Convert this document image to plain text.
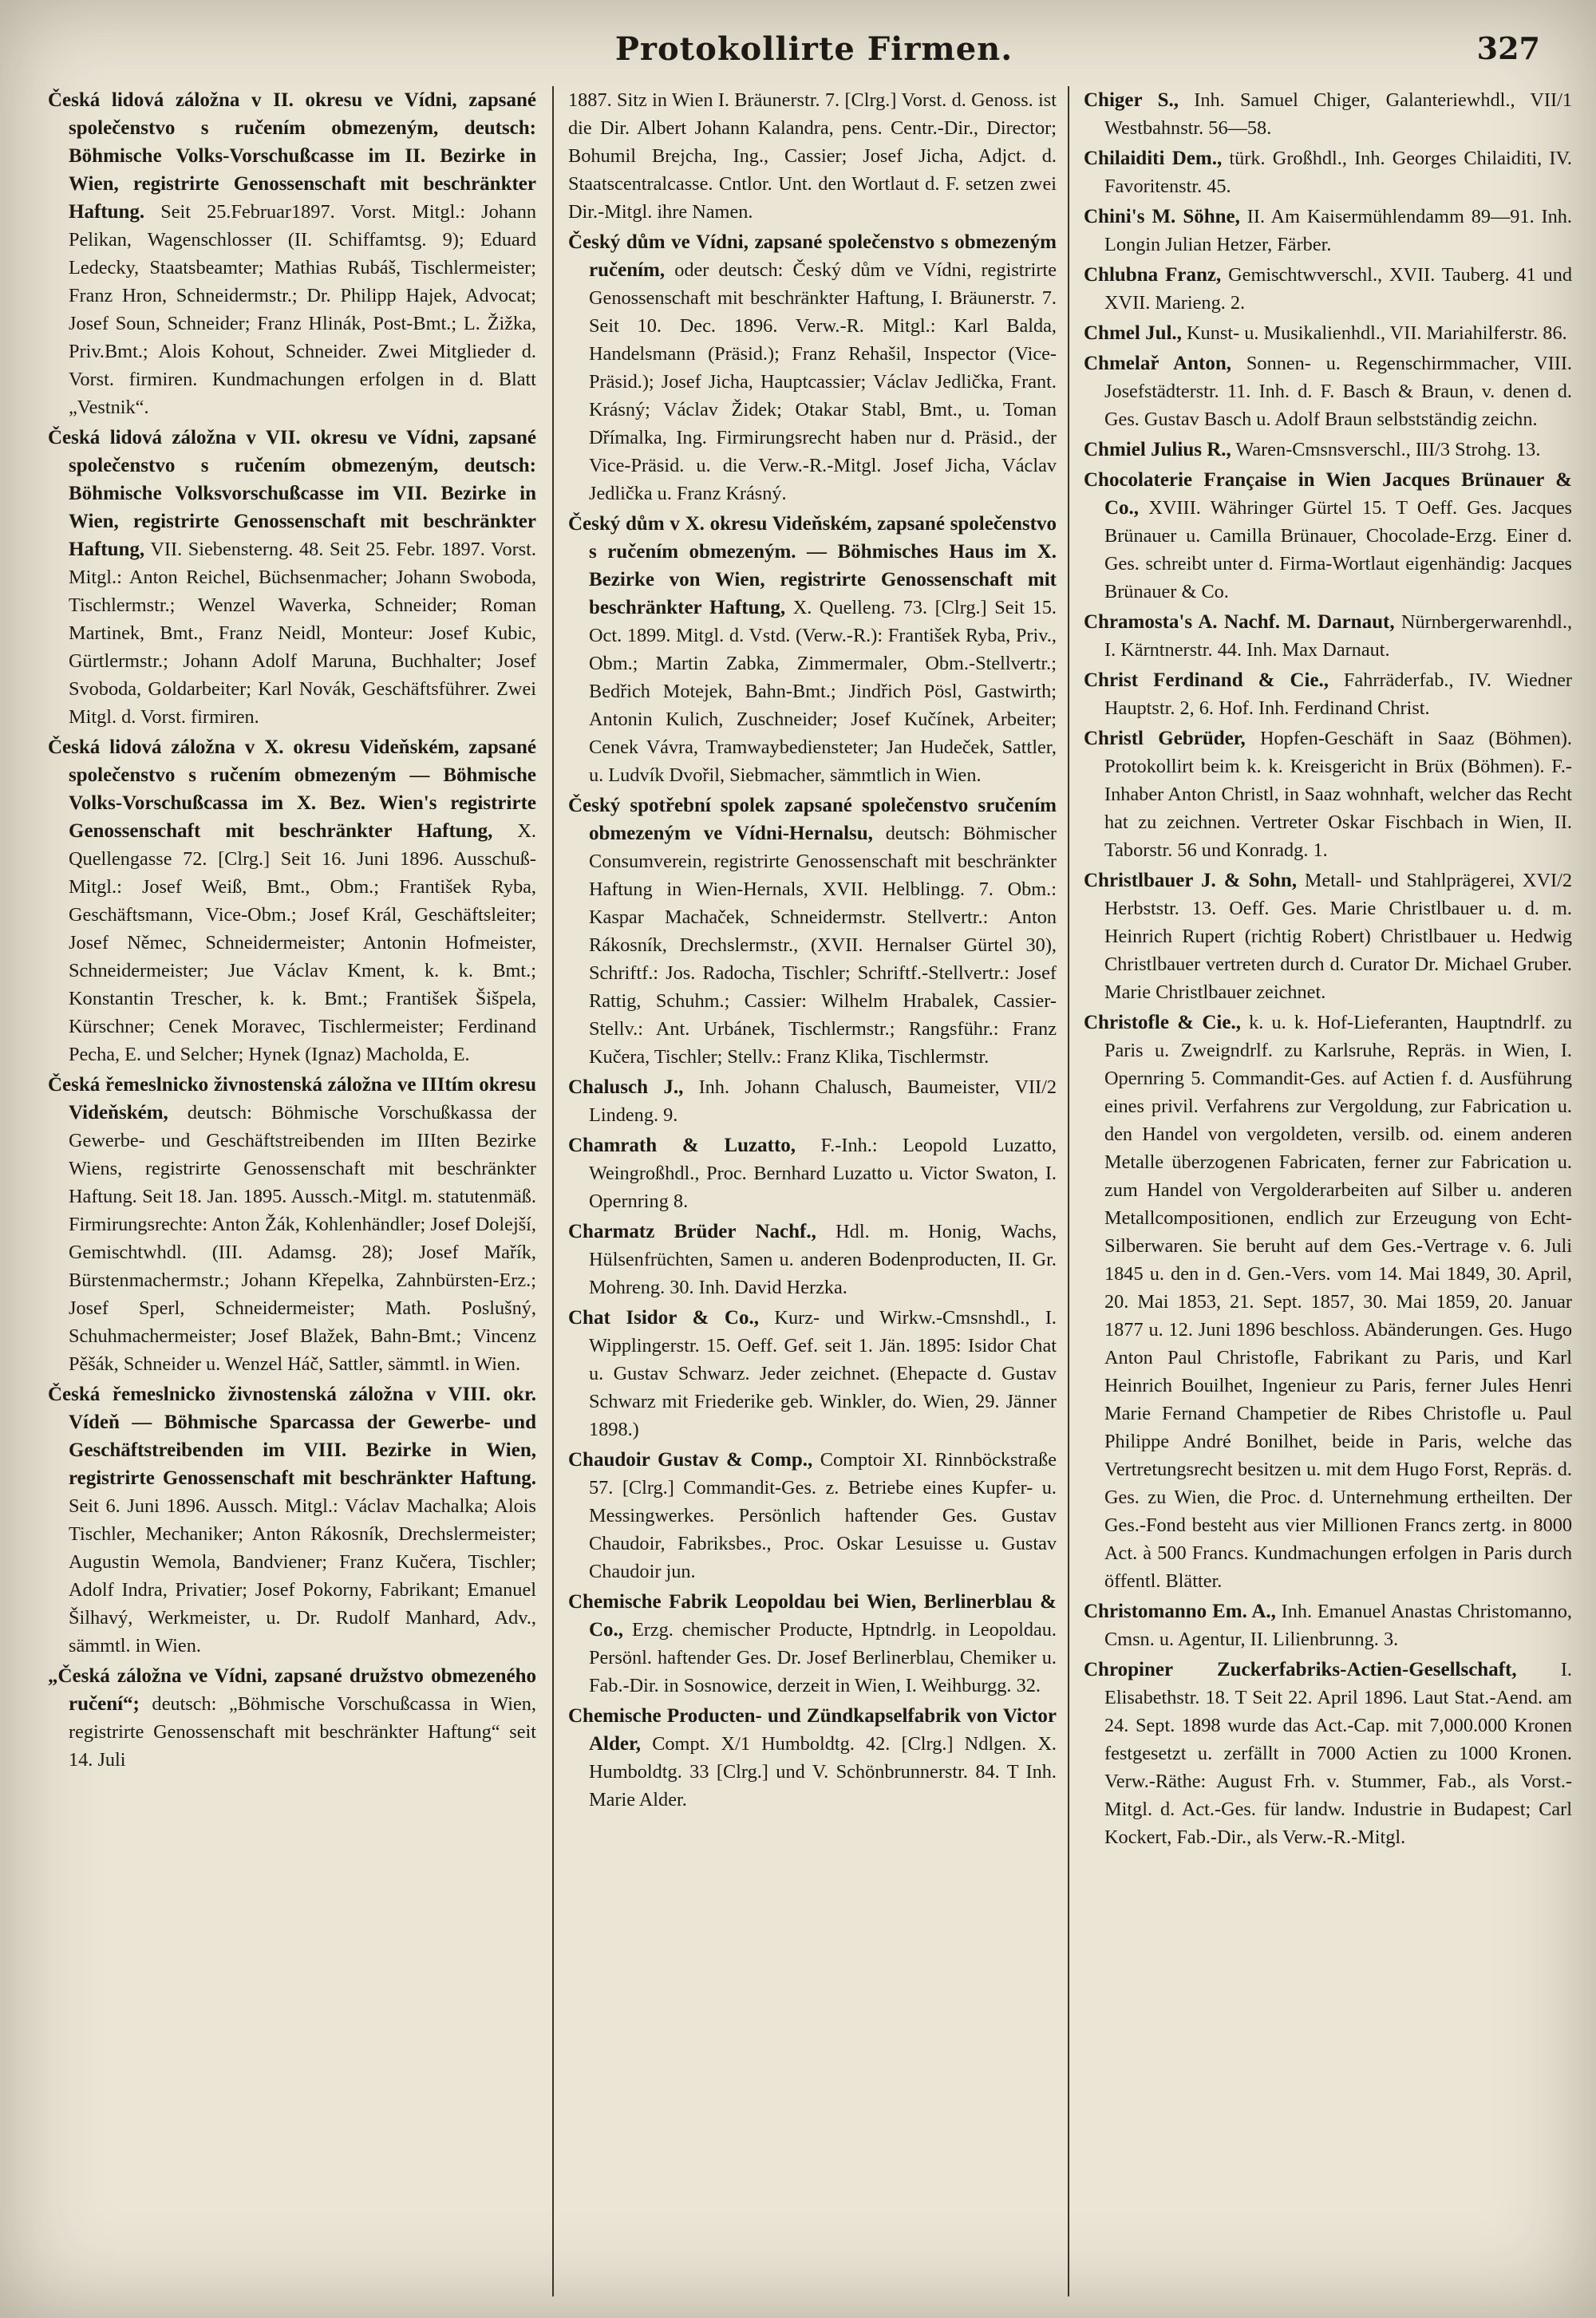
Protokollirte Firmen.	327

Česká lidová záložna v II. okresu ve Vídni, zapsané společenstvo s ručením obmezeným, deutsch: Böhmische Volks-Vorschußcasse im II. Bezirke in Wien, registrirte Genossenschaft mit beschränkter Haftung. Seit 25.Februar1897. Vorst. Mitgl.: Johann Pelikan, Wagenschlosser (II. Schiffamtsg. 9); Eduard Ledecky, Staatsbeamter; Mathias Rubáš, Tischlermeister; Franz Hron, Schneidermstr.; Dr. Philipp Hajek, Advocat; Josef Soun, Schneider; Franz Hlinák, Post-Bmt.; L. Žižka, Priv.Bmt.; Alois Kohout, Schneider. Zwei Mitglieder d. Vorst. firmiren. Kundmachungen erfolgen in d. Blatt „Vestnik“.

Česká lidová záložna v VII. okresu ve Vídni, zapsané společenstvo s ručením obmezeným, deutsch: Böhmische Volksvorschußcasse im VII. Bezirke in Wien, registrirte Genossenschaft mit beschränkter Haftung, VII. Siebensterng. 48. Seit 25. Febr. 1897. Vorst. Mitgl.: Anton Reichel, Büchsenmacher; Johann Swoboda, Tischlermstr.; Wenzel Waverka, Schneider; Roman Martinek, Bmt., Franz Neidl, Monteur: Josef Kubic, Gürtlermstr.; Johann Adolf Maruna, Buchhalter; Josef Svoboda, Goldarbeiter; Karl Novák, Geschäftsführer. Zwei Mitgl. d. Vorst. firmiren.

Česká lidová záložna v X. okresu Videňském, zapsané společenstvo s ručením obmezeným — Böhmische Volks-Vorschußcassa im X. Bez. Wien's registrirte Genossenschaft mit beschränkter Haftung, X. Quellengasse 72. [Clrg.] Seit 16. Juni 1896. Ausschuß-Mitgl.: Josef Weiß, Bmt., Obm.; František Ryba, Geschäftsmann, Vice-Obm.; Josef Král, Geschäftsleiter; Josef Němec, Schneidermeister; Antonin Hofmeister, Schneidermeister; Jue Václav Kment, k. k. Bmt.; Konstantin Trescher, k. k. Bmt.; František Šišpela, Kürschner; Cenek Moravec, Tischlermeister; Ferdinand Pecha, E. und Selcher; Hynek (Ignaz) Macholda, E.

Česká řemeslnicko živnostenská záložna ve IIItím okresu Videňském, deutsch: Böhmische Vorschußkassa der Gewerbe- und Geschäftstreibenden im IIIten Bezirke Wiens, registrirte Genossenschaft mit beschränkter Haftung. Seit 18. Jan. 1895. Aussch.-Mitgl. m. statutenmäß. Firmirungsrechte: Anton Žák, Kohlenhändler; Josef Dolejší, Gemischtwhdl. (III. Adamsg. 28); Josef Mařík, Bürstenmachermstr.; Johann Křepelka, Zahnbürsten-Erz.; Josef Sperl, Schneidermeister; Math. Poslušný, Schuhmachermeister; Josef Blažek, Bahn-Bmt.; Vincenz Pěšák, Schneider u. Wenzel Háč, Sattler, sämmtl. in Wien.

Česká řemeslnicko živnostenská záložna v VIII. okr. Vídeň — Böhmische Sparcassa der Gewerbe- und Geschäftstreibenden im VIII. Bezirke in Wien, registrirte Genossenschaft mit beschränkter Haftung. Seit 6. Juni 1896. Aussch. Mitgl.: Václav Machalka; Alois Tischler, Mechaniker; Anton Rákosník, Drechslermeister; Augustin Wemola, Bandviener; Franz Kučera, Tischler; Adolf Indra, Privatier; Josef Pokorny, Fabrikant; Emanuel Šilhavý, Werkmeister, u. Dr. Rudolf Manhard, Adv., sämmtl. in Wien.

„Česká záložna ve Vídni, zapsané družstvo obmezeného ručení“; deutsch: „Böhmische Vorschußcassa in Wien, registrirte Genossenschaft mit beschränkter Haftung“ seit 14. Juli

1887. Sitz in Wien I. Bräunerstr. 7. [Clrg.] Vorst. d. Genoss. ist die Dir. Albert Johann Kalandra, pens. Centr.-Dir., Director; Bohumil Brejcha, Ing., Cassier; Josef Jicha, Adjct. d. Staatscentralcasse. Cntlor. Unt. den Wortlaut d. F. setzen zwei Dir.-Mitgl. ihre Namen.

Český dům ve Vídni, zapsané společenstvo s obmezeným ručením, oder deutsch: Český dům ve Vídni, registrirte Genossenschaft mit beschränkter Haftung, I. Bräunerstr. 7. Seit 10. Dec. 1896. Verw.-R. Mitgl.: Karl Balda, Handelsmann (Präsid.); Franz Rehašil, Inspector (Vice-Präsid.); Josef Jicha, Hauptcassier; Václav Jedlička, Frant. Krásný; Václav Židek; Otakar Stabl, Bmt., u. Toman Dřímalka, Ing. Firmirungsrecht haben nur d. Präsid., der Vice-Präsid. u. die Verw.-R.-Mitgl. Josef Jicha, Václav Jedlička u. Franz Krásný.

Český dům v X. okresu Videňském, zapsané společenstvo s ručením obmezeným. — Böhmisches Haus im X. Bezirke von Wien, registrirte Genossenschaft mit beschränkter Haftung, X. Quelleng. 73. [Clrg.] Seit 15. Oct. 1899. Mitgl. d. Vstd. (Verw.-R.): František Ryba, Priv., Obm.; Martin Zabka, Zimmermaler, Obm.-Stellvertr.; Bedřich Motejek, Bahn-Bmt.; Jindřich Pösl, Gastwirth; Antonin Kulich, Zuschneider; Josef Kučínek, Arbeiter; Cenek Vávra, Tramwaybediensteter; Jan Hudeček, Sattler, u. Ludvík Dvořil, Siebmacher, sämmtlich in Wien.

Český spotřební spolek zapsané společenstvo sručením obmezeným ve Vídni-Hernalsu, deutsch: Böhmischer Consumverein, registrirte Genossenschaft mit beschränkter Haftung in Wien-Hernals, XVII. Helblingg. 7. Obm.: Kaspar Machaček, Schneidermstr. Stellvertr.: Anton Rákosník, Drechslermstr., (XVII. Hernalser Gürtel 30), Schriftf.: Jos. Radocha, Tischler; Schriftf.-Stellvertr.: Josef Rattig, Schuhm.; Cassier: Wilhelm Hrabalek, Cassier-Stellv.: Ant. Urbánek, Tischlermstr.; Rangsführ.: Franz Kučera, Tischler; Stellv.: Franz Klika, Tischlermstr.

Chalusch J., Inh. Johann Chalusch, Baumeister, VII/2 Lindeng. 9.

Chamrath & Luzatto, F.-Inh.: Leopold Luzatto, Weingroßhdl., Proc. Bernhard Luzatto u. Victor Swaton, I. Opernring 8.

Charmatz Brüder Nachf., Hdl. m. Honig, Wachs, Hülsenfrüchten, Samen u. anderen Bodenproducten, II. Gr. Mohreng. 30. Inh. David Herzka.

Chat Isidor & Co., Kurz- und Wirkw.-Cmsnshdl., I. Wipplingerstr. 15. Oeff. Gef. seit 1. Jän. 1895: Isidor Chat u. Gustav Schwarz. Jeder zeichnet. (Ehepacte d. Gustav Schwarz mit Friederike geb. Winkler, do. Wien, 29. Jänner 1898.)

Chaudoir Gustav & Comp., Comptoir XI. Rinnböckstraße 57. [Clrg.] Commandit-Ges. z. Betriebe eines Kupfer- u. Messingwerkes. Persönlich haftender Ges. Gustav Chaudoir, Fabriksbes., Proc. Oskar Lesuisse u. Gustav Chaudoir jun.

Chemische Fabrik Leopoldau bei Wien, Berlinerblau & Co., Erzg. chemischer Producte, Hptndrlg. in Leopoldau. Persönl. haftender Ges. Dr. Josef Berlinerblau, Chemiker u. Fab.-Dir. in Sosnowice, derzeit in Wien, I. Weihburgg. 32.

Chemische Producten- und Zündkapselfabrik von Victor Alder, Compt. X/1 Humboldtg. 42. [Clrg.] Ndlgen. X. Humboldtg. 33 [Clrg.] und V. Schönbrunnerstr. 84. T Inh. Marie Alder.

Chiger S., Inh. Samuel Chiger, Galanteriewhdl., VII/1 Westbahnstr. 56—58.

Chilaiditi Dem., türk. Großhdl., Inh. Georges Chilaiditi, IV. Favoritenstr. 45.

Chini's M. Söhne, II. Am Kaisermühlendamm 89—91. Inh. Longin Julian Hetzer, Färber.

Chlubna Franz, Gemischtwverschl., XVII. Tauberg. 41 und XVII. Marieng. 2.

Chmel Jul., Kunst- u. Musikalienhdl., VII. Mariahilferstr. 86.

Chmelař Anton, Sonnen- u. Regenschirmmacher, VIII. Josefstädterstr. 11. Inh. d. F. Basch & Braun, v. denen d. Ges. Gustav Basch u. Adolf Braun selbstständig zeichn.

Chmiel Julius R., Waren-Cmsnsverschl., III/3 Strohg. 13.

Chocolaterie Française in Wien Jacques Brünauer & Co., XVIII. Währinger Gürtel 15. T Oeff. Ges. Jacques Brünauer u. Camilla Brünauer, Chocolade-Erzg. Einer d. Ges. schreibt unter d. Firma-Wortlaut eigenhändig: Jacques Brünauer & Co.

Chramosta's A. Nachf. M. Darnaut, Nürnbergerwarenhdl., I. Kärntnerstr. 44. Inh. Max Darnaut.

Christ Ferdinand & Cie., Fahrräderfab., IV. Wiedner Hauptstr. 2, 6. Hof. Inh. Ferdinand Christ.

Christl Gebrüder, Hopfen-Geschäft in Saaz (Böhmen). Protokollirt beim k. k. Kreisgericht in Brüx (Böhmen). F.-Inhaber Anton Christl, in Saaz wohnhaft, welcher das Recht hat zu zeichnen. Vertreter Oskar Fischbach in Wien, II. Taborstr. 56 und Konradg. 1.

Christlbauer J. & Sohn, Metall- und Stahlprägerei, XVI/2 Herbststr. 13. Oeff. Ges. Marie Christlbauer u. d. m. Heinrich Rupert (richtig Robert) Christlbauer u. Hedwig Christlbauer vertreten durch d. Curator Dr. Michael Gruber. Marie Christlbauer zeichnet.

Christofle & Cie., k. u. k. Hof-Lieferanten, Hauptndrlf. zu Paris u. Zweigndrlf. zu Karlsruhe, Repräs. in Wien, I. Opernring 5. Commandit-Ges. auf Actien f. d. Ausführung eines privil. Verfahrens zur Vergoldung, zur Fabrication u. den Handel von vergoldeten, versilb. od. einem anderen Metalle überzogenen Fabricaten, ferner zur Fabrication u. zum Handel von Vergolderarbeiten auf Silber u. anderen Metallcompositionen, endlich zur Erzeugung von Echt-Silberwaren. Sie beruht auf dem Ges.-Vertrage v. 6. Juli 1845 u. den in d. Gen.-Vers. vom 14. Mai 1849, 30. April, 20. Mai 1853, 21. Sept. 1857, 30. Mai 1859, 20. Januar 1877 u. 12. Juni 1896 beschloss. Abänderungen. Ges. Hugo Anton Paul Christofle, Fabrikant zu Paris, und Karl Heinrich Bouilhet, Ingenieur zu Paris, ferner Jules Henri Marie Fernand Champetier de Ribes Christofle u. Paul Philippe André Bonilhet, beide in Paris, welche das Vertretungsrecht besitzen u. mit dem Hugo Forst, Repräs. d. Ges. zu Wien, die Proc. d. Unternehmung ertheilten. Der Ges.-Fond besteht aus vier Millionen Francs zertg. in 8000 Act. à 500 Francs. Kundmachungen erfolgen in Paris durch öffentl. Blätter.

Christomanno Em. A., Inh. Emanuel Anastas Christomanno, Cmsn. u. Agentur, II. Lilienbrunng. 3.

Chropiner Zuckerfabriks-Actien-Gesellschaft, I. Elisabethstr. 18. T Seit 22. April 1896. Laut Stat.-Aend. am 24. Sept. 1898 wurde das Act.-Cap. mit 7,000.000 Kronen festgesetzt u. zerfällt in 7000 Actien zu 1000 Kronen. Verw.-Räthe: August Frh. v. Stummer, Fab., als Vorst.-Mitgl. d. Act.-Ges. für landw. Industrie in Budapest; Carl Kockert, Fab.-Dir., als Verw.-R.-Mitgl.
